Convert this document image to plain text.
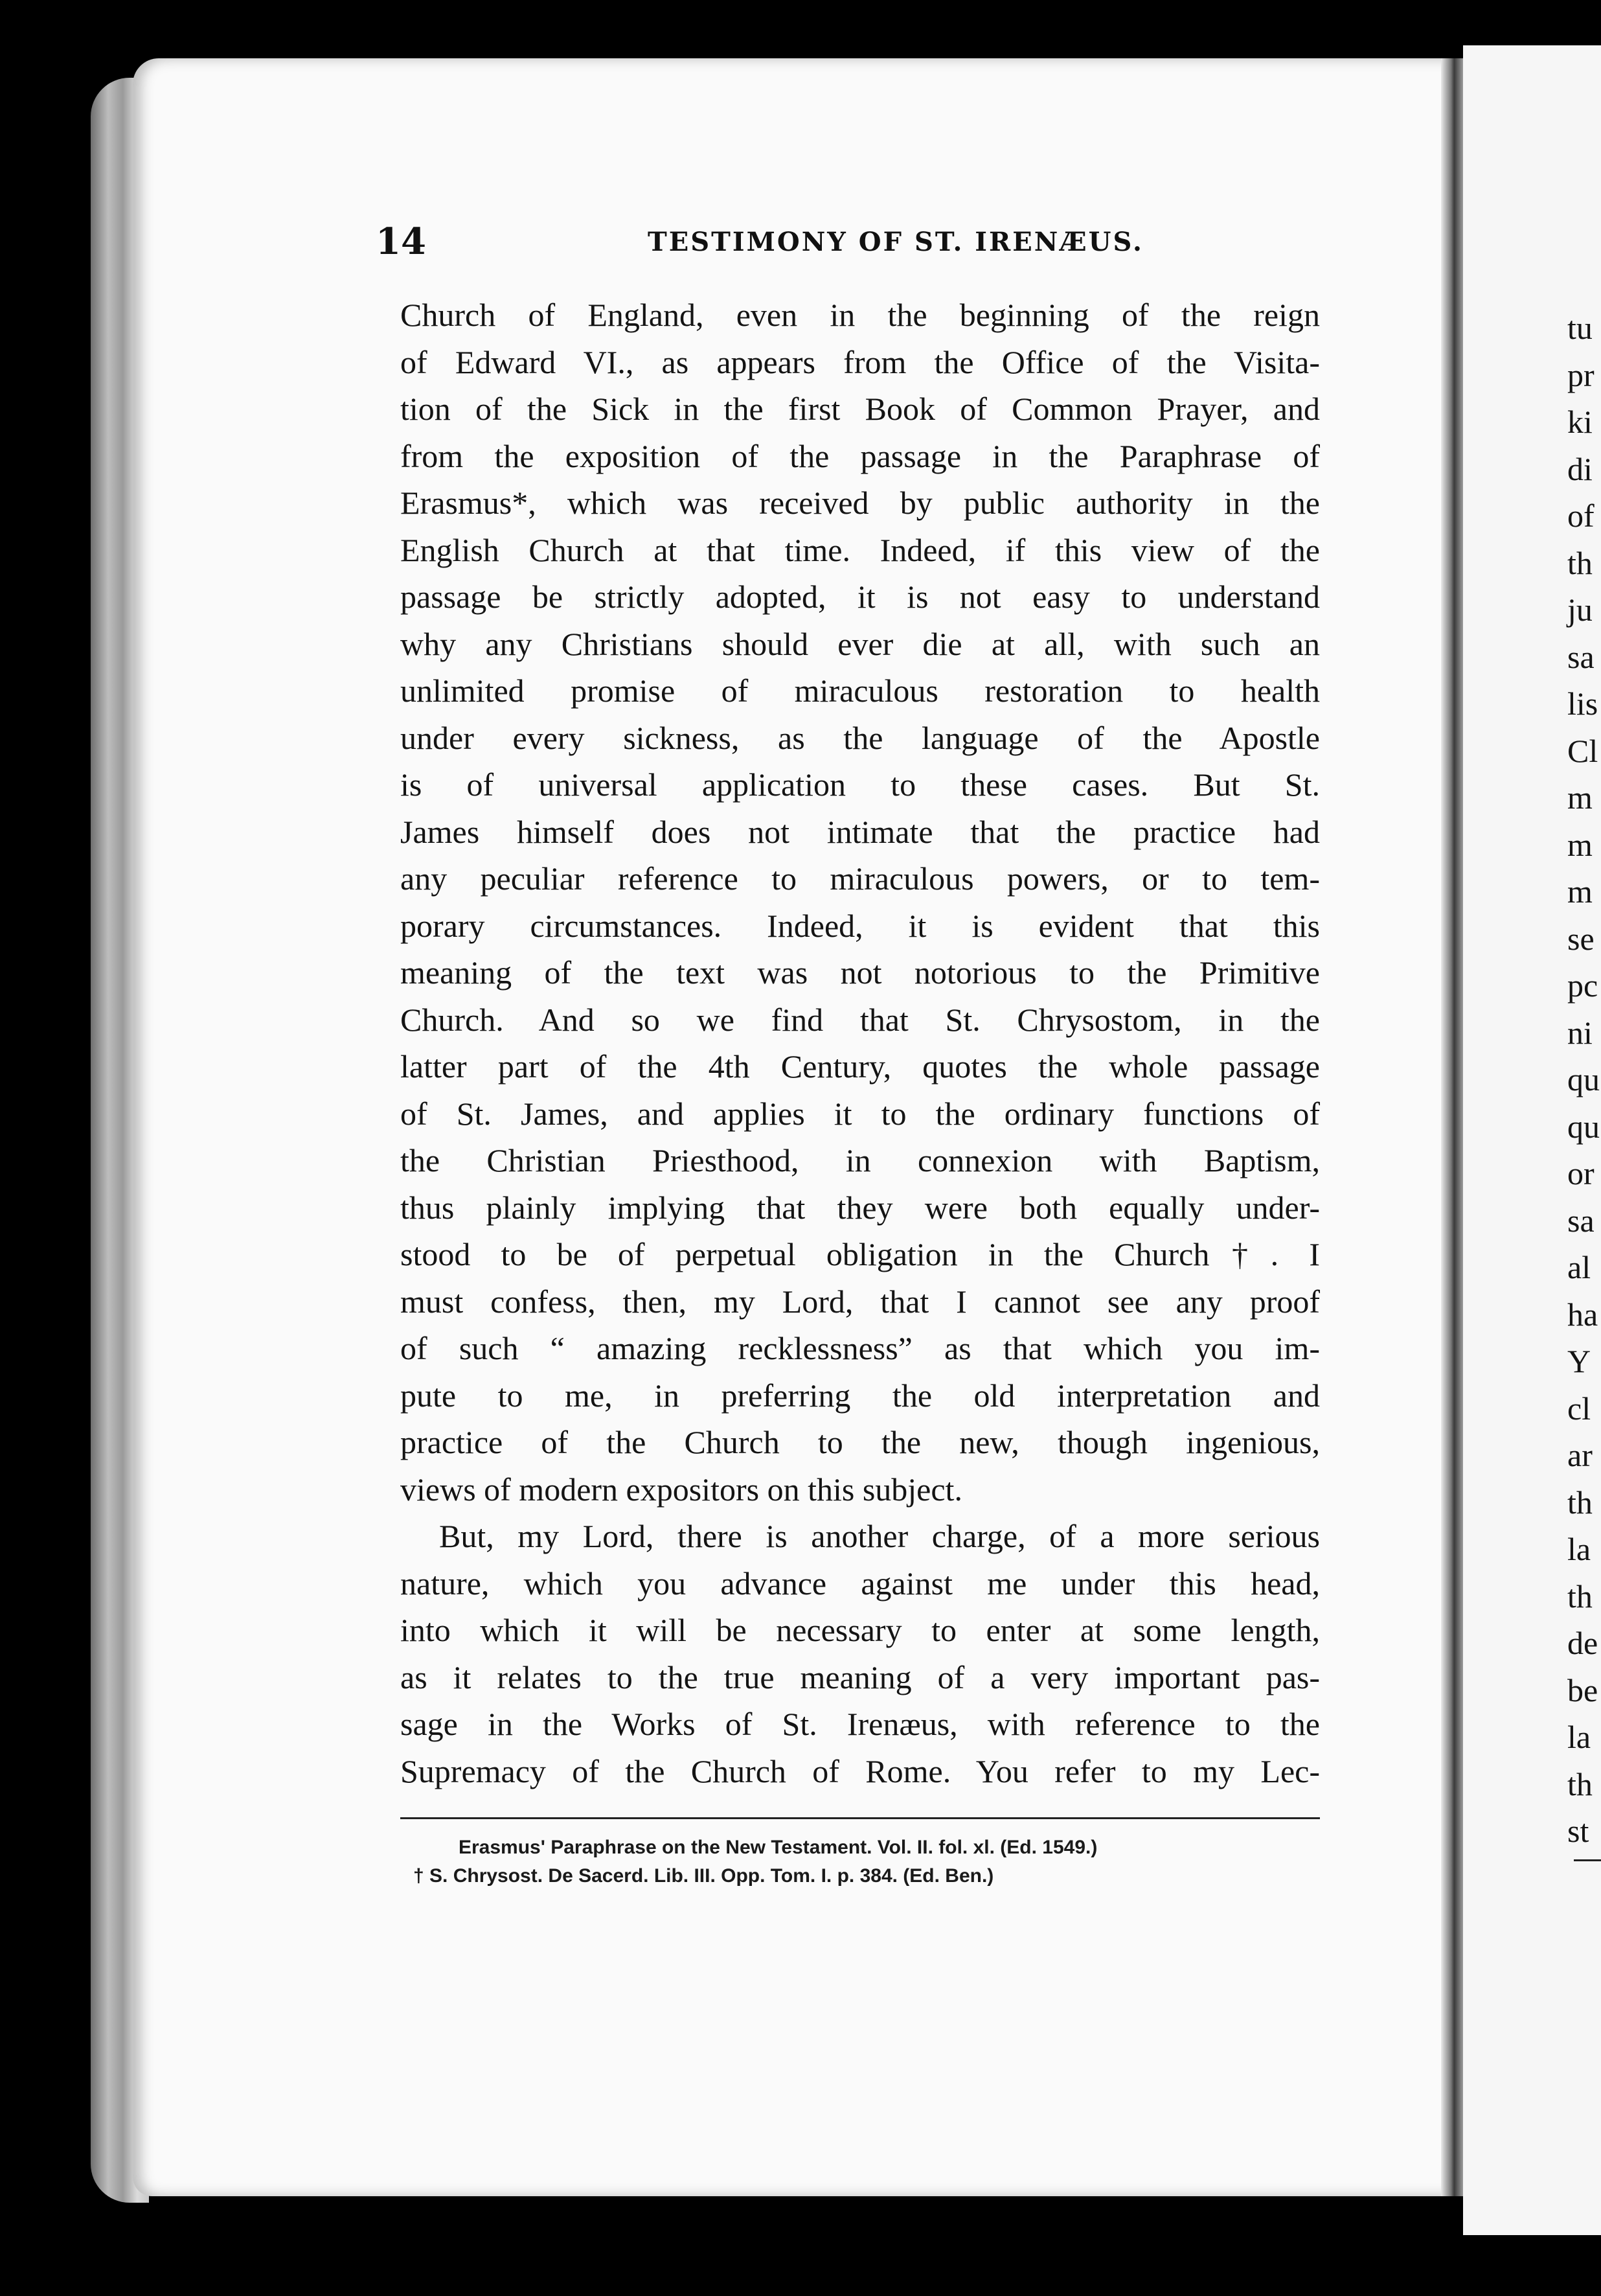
14	TESTIMONY OF ST. IRENÆUS.
Church of England, even in the beginning of the reign
of Edward VI., as appears from the Office of the Visita-
tion of the Sick in the first Book of Common Prayer, and
from the exposition of the passage in the Paraphrase of
Erasmus*, which was received by public authority in the
English Church at that time. Indeed, if this view of the
passage be strictly adopted, it is not easy to understand
why any Christians should ever die at all, with such an
unlimited promise of miraculous restoration to health
under every sickness, as the language of the Apostle
is of universal application to these cases. But St.
James himself does not intimate that the practice had
any peculiar reference to miraculous powers, or to tem-
porary circumstances. Indeed, it is evident that this
meaning of the text was not notorious to the Primitive
Church. And so we find that St. Chrysostom, in the
latter part of the 4th Century, quotes the whole passage
of St. James, and applies it to the ordinary functions of
the Christian Priesthood, in connexion with Baptism,
thus plainly implying that they were both equally under-
stood to be of perpetual obligation in the Church†. I
must confess, then, my Lord, that I cannot see any proof
of such “ amazing recklessness” as that which you im-
pute to me, in preferring the old interpretation and
practice of the Church to the new, though ingenious,
views of modern expositors on this subject.
But, my Lord, there is another charge, of a more serious
nature, which you advance against me under this head,
into which it will be necessary to enter at some length,
as it relates to the true meaning of a very important pas-
sage in the Works of St. Irenæus, with reference to the
Supremacy of the Church of Rome. You refer to my Lec-
Erasmus' Paraphrase on the New Testament. Vol. II. fol. xl. (Ed. 1549.)
† S. Chrysost. De Sacerd. Lib. III. Opp. Tom. I. p. 384. (Ed. Ben.)
tu
pr
ki
di
of
th
ju
sa
lis
Cl
m
m
m
se
pc
ni
qu
qu
or
sa
al
ha
Y
cl
ar
th
la
th
de
be
la
th
st
